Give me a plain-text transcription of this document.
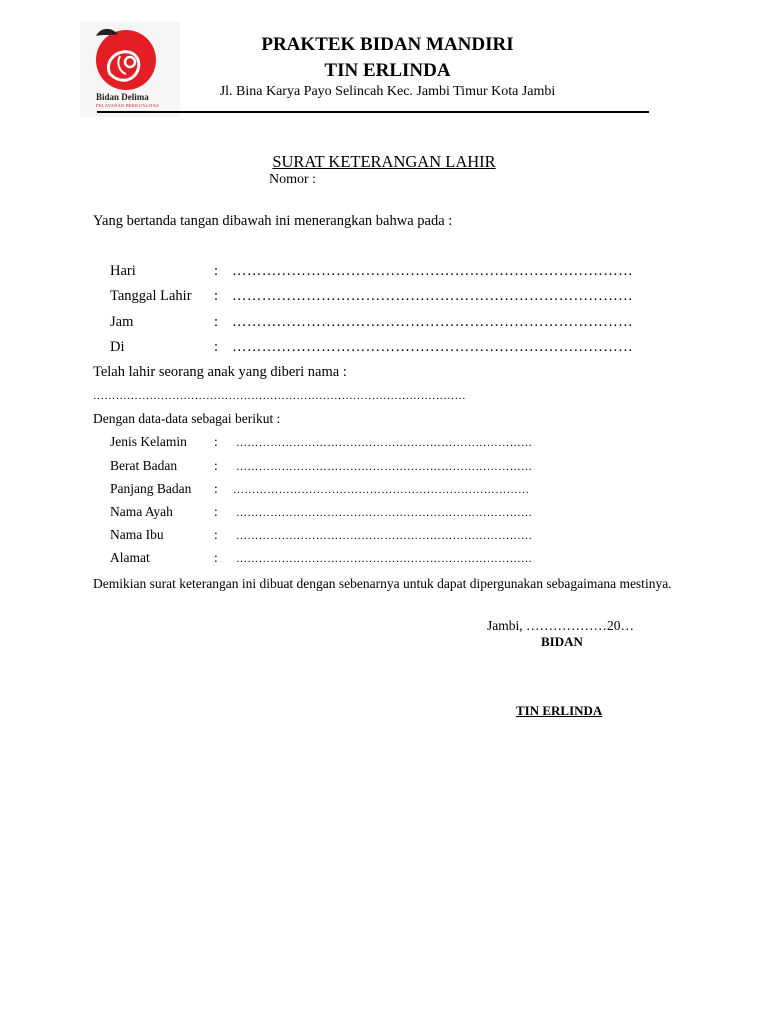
Bidan Delima
PELAYANAN BERKUALITAS
PRAKTEK BIDAN MANDIRI
TIN ERLINDA
Jl. Bina Karya Payo Selincah Kec. Jambi Timur Kota Jambi
SURAT KETERANGAN LAHIR
Nomor :
Yang bertanda tangan dibawah ini menerangkan bahwa pada :
Hari	: ………………………………………………………………………
Tanggal Lahir : ………………………………………………………………………
Jam	: ………………………………………………………………………
Di	: ………………………………………………………………………
Telah lahir seorang anak yang diberi nama :
………………………………………………………………………………………
Dengan data-data sebagai berikut :
Jenis Kelamin : ……………………………………………………………………
Berat Badan	: ……………………………………………………………………
Panjang Badan : ……………………………………………………………………
Nama Ayah	: ……………………………………………………………………
Nama Ibu	: ……………………………………………………………………
Alamat	: ……………………………………………………………………
Demikian surat keterangan ini dibuat dengan sebenarnya untuk dapat dipergunakan sebagaimana mestinya.
Jambi, ………………20…
BIDAN
TIN ERLINDA
